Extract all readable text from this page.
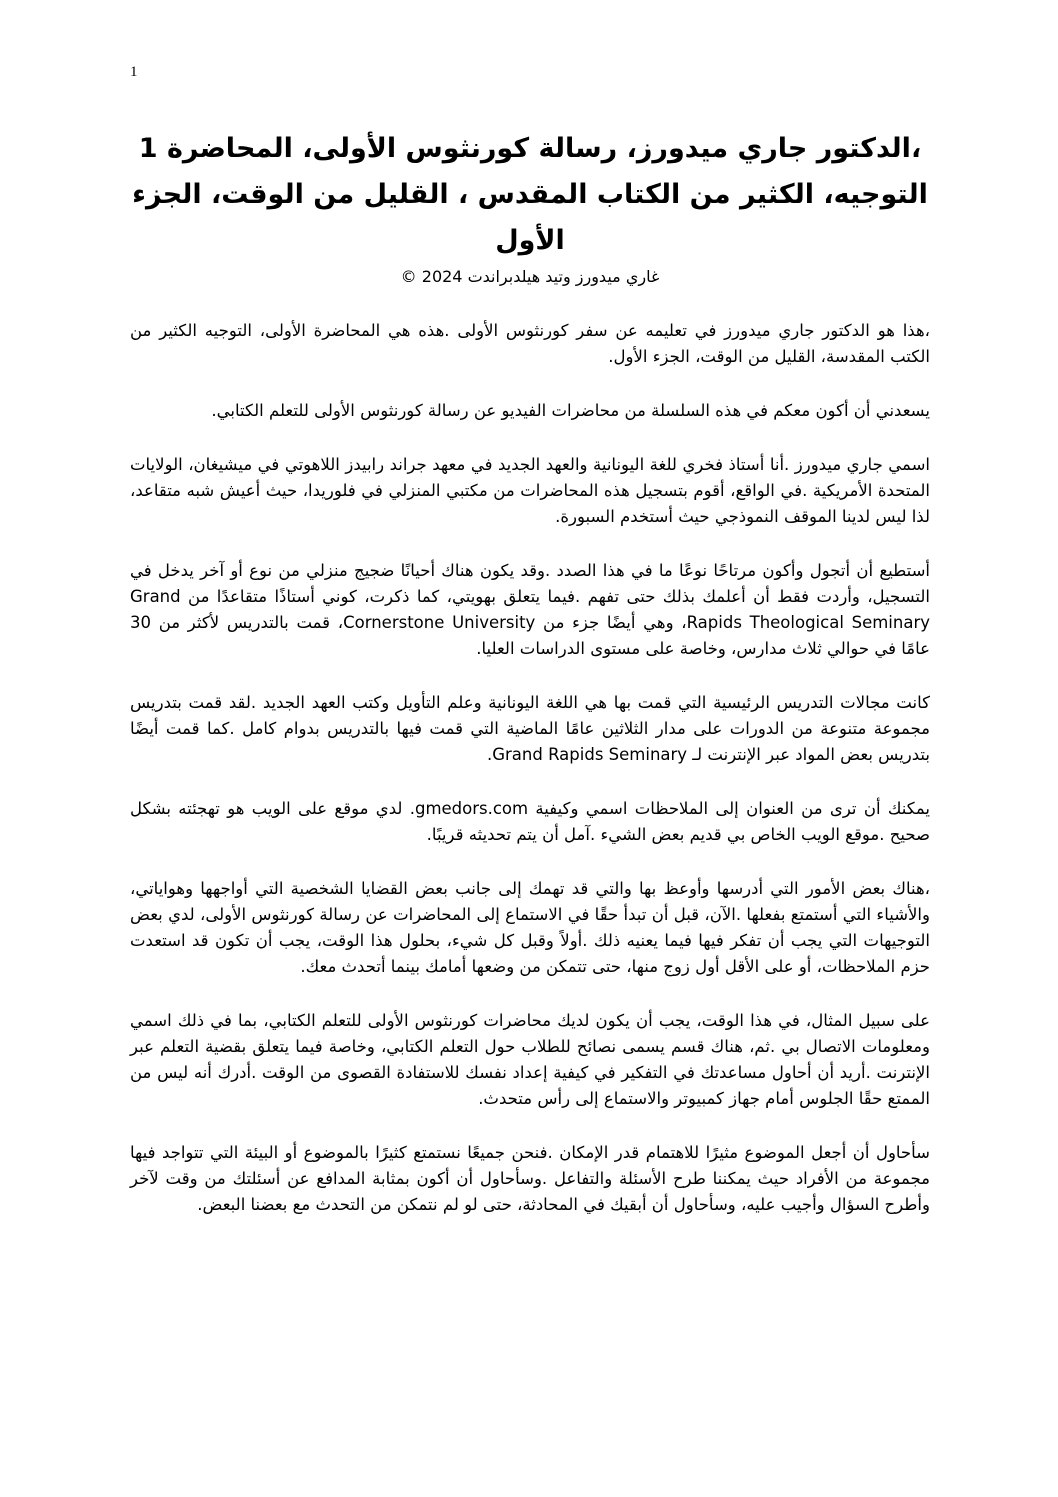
1
،الدكتور جاري ميدورز، رسالة كورنثوس الأولى، المحاضرة 1 التوجيه، الكثير من الكتاب المقدس ، القليل من الوقت، الجزء الأول

غاري ميدورز وتيد هيلدبراندت 2024 ©

،هذا هو الدكتور جاري ميدورز في تعليمه عن سفر كورنثوس الأولى .هذه هي المحاضرة الأولى، التوجيه الكثير من الكتب المقدسة، القليل من الوقت، الجزء الأول.

يسعدني أن أكون معكم في هذه السلسلة من محاضرات الفيديو عن رسالة كورنثوس الأولى للتعلم الكتابي.

اسمي جاري ميدورز .أنا أستاذ فخري للغة اليونانية والعهد الجديد في معهد جراند رابيدز اللاهوتي في ميشيغان، الولايات المتحدة الأمريكية .في الواقع، أقوم بتسجيل هذه المحاضرات من مكتبي المنزلي في فلوريدا، حيث أعيش شبه متقاعد، لذا ليس لدينا الموقف النموذجي حيث أستخدم السبورة.

أستطيع أن أتجول وأكون مرتاحًا نوعًا ما في هذا الصدد .وقد يكون هناك أحيانًا ضجيج منزلي من نوع أو آخر يدخل في التسجيل، وأردت فقط أن أعلمك بذلك حتى تفهم .فيما يتعلق بهويتي، كما ذكرت، كوني أستاذًا متقاعدًا من Grand Rapids Theological Seminary، وهي أيضًا جزء من Cornerstone University، قمت بالتدريس لأكثر من 30 عامًا في حوالي ثلاث مدارس، وخاصة على مستوى الدراسات العليا.

كانت مجالات التدريس الرئيسية التي قمت بها هي اللغة اليونانية وعلم التأويل وكتب العهد الجديد .لقد قمت بتدريس مجموعة متنوعة من الدورات على مدار الثلاثين عامًا الماضية التي قمت فيها بالتدريس بدوام كامل .كما قمت أيضًا بتدريس بعض المواد عبر الإنترنت لـ Grand Rapids Seminary.

يمكنك أن ترى من العنوان إلى الملاحظات اسمي وكيفية gmedors.com. لدي موقع على الويب هو تهجئته بشكل صحيح .موقع الويب الخاص بي قديم بعض الشيء .آمل أن يتم تحديثه قريبًا.

،هناك بعض الأمور التي أدرسها وأوعظ بها والتي قد تهمك إلى جانب بعض القضايا الشخصية التي أواجهها وهواياتي، والأشياء التي أستمتع بفعلها .الآن، قبل أن تبدأ حقًا في الاستماع إلى المحاضرات عن رسالة كورنثوس الأولى، لدي بعض التوجيهات التي يجب أن تفكر فيها فيما يعنيه ذلك .أولاً وقبل كل شيء، بحلول هذا الوقت، يجب أن تكون قد استعدت حزم الملاحظات، أو على الأقل أول زوج منها، حتى تتمكن من وضعها أمامك بينما أتحدث معك.

على سبيل المثال، في هذا الوقت، يجب أن يكون لديك محاضرات كورنثوس الأولى للتعلم الكتابي، بما في ذلك اسمي ومعلومات الاتصال بي .ثم، هناك قسم يسمى نصائح للطلاب حول التعلم الكتابي، وخاصة فيما يتعلق بقضية التعلم عبر الإنترنت .أريد أن أحاول مساعدتك في التفكير في كيفية إعداد نفسك للاستفادة القصوى من الوقت .أدرك أنه ليس من الممتع حقًا الجلوس أمام جهاز كمبيوتر والاستماع إلى رأس متحدث.

سأحاول أن أجعل الموضوع مثيرًا للاهتمام قدر الإمكان .فنحن جميعًا نستمتع كثيرًا بالموضوع أو البيئة التي تتواجد فيها مجموعة من الأفراد حيث يمكننا طرح الأسئلة والتفاعل .وسأحاول أن أكون بمثابة المدافع عن أسئلتك من وقت لآخر وأطرح السؤال وأجيب عليه، وسأحاول أن أبقيك في المحادثة، حتى لو لم نتمكن من التحدث مع بعضنا البعض.
